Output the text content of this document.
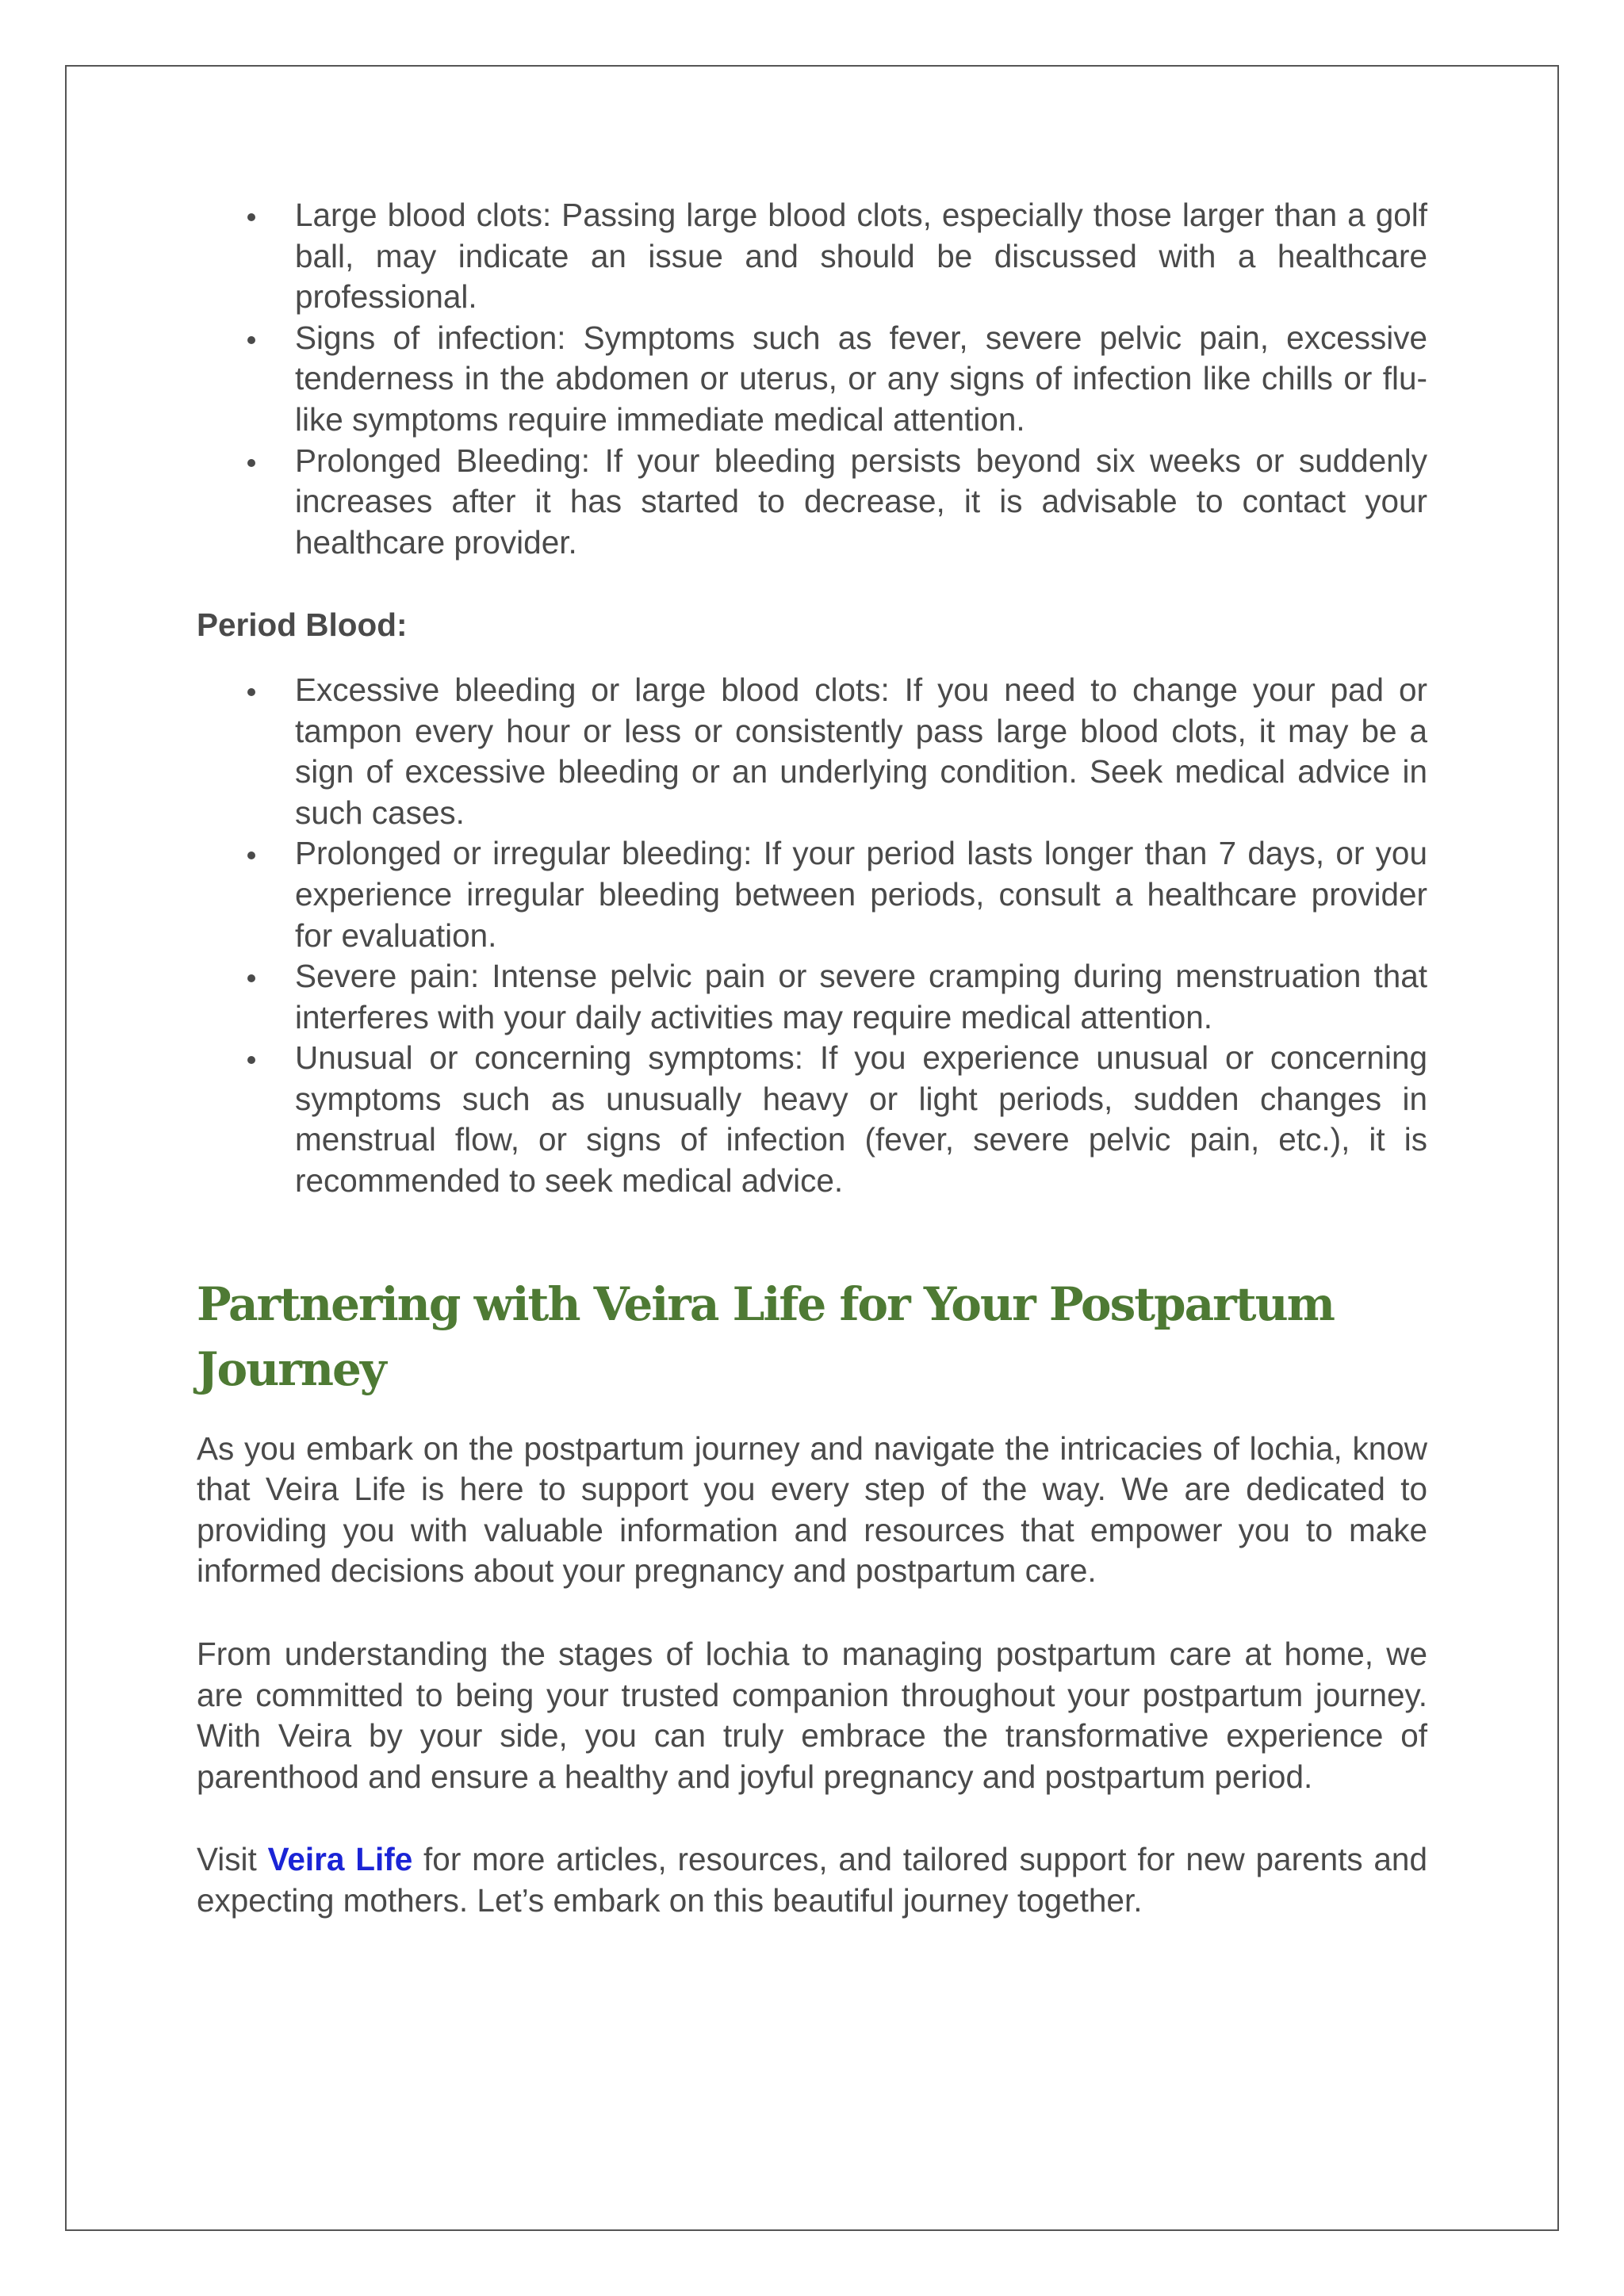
Large blood clots: Passing large blood clots, especially those larger than a golf ball, may indicate an issue and should be discussed with a healthcare professional.
Signs of infection: Symptoms such as fever, severe pelvic pain, excessive tenderness in the abdomen or uterus, or any signs of infection like chills or flu-like symptoms require immediate medical attention.
Prolonged Bleeding: If your bleeding persists beyond six weeks or suddenly increases after it has started to decrease, it is advisable to contact your healthcare provider.
Period Blood:
Excessive bleeding or large blood clots: If you need to change your pad or tampon every hour or less or consistently pass large blood clots, it may be a sign of excessive bleeding or an underlying condition. Seek medical advice in such cases.
Prolonged or irregular bleeding: If your period lasts longer than 7 days, or you experience irregular bleeding between periods, consult a healthcare provider for evaluation.
Severe pain: Intense pelvic pain or severe cramping during menstruation that interferes with your daily activities may require medical attention.
Unusual or concerning symptoms: If you experience unusual or concerning symptoms such as unusually heavy or light periods, sudden changes in menstrual flow, or signs of infection (fever, severe pelvic pain, etc.), it is recommended to seek medical advice.
Partnering with Veira Life for Your Postpartum Journey

As you embark on the postpartum journey and navigate the intricacies of lochia, know that Veira Life is here to support you every step of the way. We are dedicated to providing you with valuable information and resources that empower you to make informed decisions about your pregnancy and postpartum care.

From understanding the stages of lochia to managing postpartum care at home, we are committed to being your trusted companion throughout your postpartum journey. With Veira by your side, you can truly embrace the transformative experience of parenthood and ensure a healthy and joyful pregnancy and postpartum period.

Visit Veira Life for more articles, resources, and tailored support for new parents and expecting mothers. Let’s embark on this beautiful journey together.
